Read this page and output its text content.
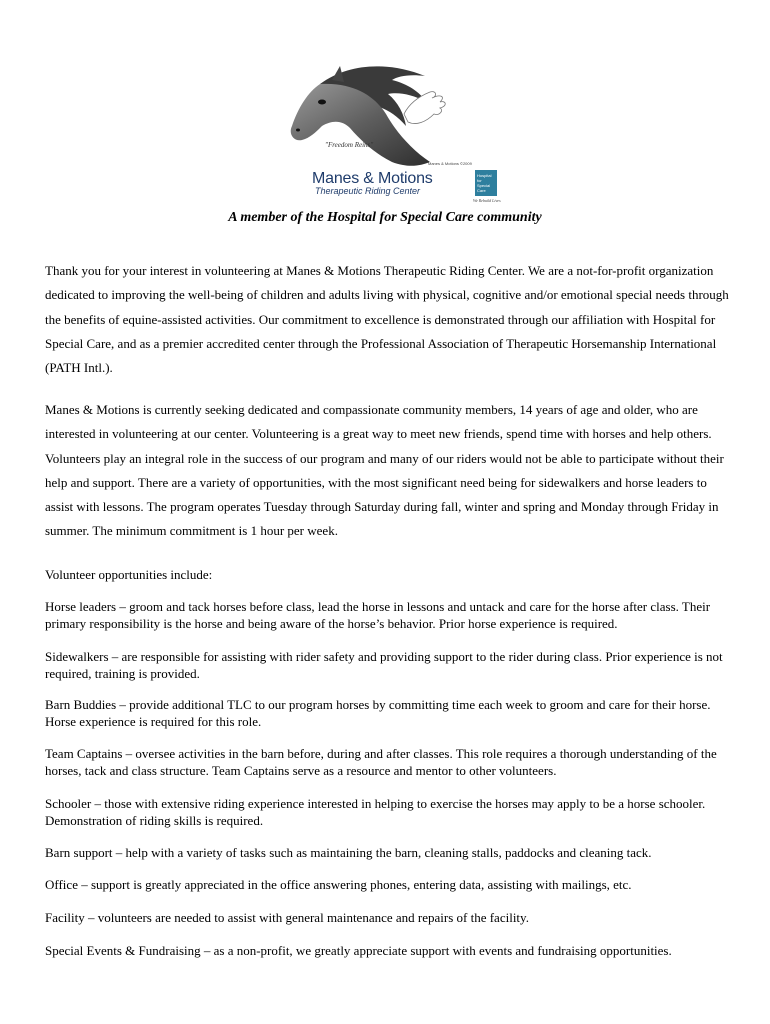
"Freedom Reins"
Manes & Motions ©2009
Manes & Motions
Therapeutic Riding Center
Hospital for Special Care
We Rebuild Lives
A member of the Hospital for Special Care community

Thank you for your interest in volunteering at Manes & Motions Therapeutic Riding Center. We are a not-for-profit organization dedicated to improving the well-being of children and adults living with physical, cognitive and/or emotional special needs through the benefits of equine-assisted activities. Our commitment to excellence is demonstrated through our affiliation with Hospital for Special Care, and as a premier accredited center through the Professional Association of Therapeutic Horsemanship International (PATH Intl.).

Manes & Motions is currently seeking dedicated and compassionate community members, 14 years of age and older, who are interested in volunteering at our center. Volunteering is a great way to meet new friends, spend time with horses and help others. Volunteers play an integral role in the success of our program and many of our riders would not be able to participate without their help and support. There are a variety of opportunities, with the most significant need being for sidewalkers and horse leaders to assist with lessons. The program operates Tuesday through Saturday during fall, winter and spring and Monday through Friday in summer. The minimum commitment is 1 hour per week.

Volunteer opportunities include:

Horse leaders – groom and tack horses before class, lead the horse in lessons and untack and care for the horse after class. Their primary responsibility is the horse and being aware of the horse’s behavior. Prior horse experience is required.

Sidewalkers – are responsible for assisting with rider safety and providing support to the rider during class. Prior experience is not required, training is provided.

Barn Buddies – provide additional TLC to our program horses by committing time each week to groom and care for their horse. Horse experience is required for this role.

Team Captains – oversee activities in the barn before, during and after classes. This role requires a thorough understanding of the horses, tack and class structure. Team Captains serve as a resource and mentor to other volunteers.

Schooler – those with extensive riding experience interested in helping to exercise the horses may apply to be a horse schooler. Demonstration of riding skills is required.

Barn support – help with a variety of tasks such as maintaining the barn, cleaning stalls, paddocks and cleaning tack.

Office – support is greatly appreciated in the office answering phones, entering data, assisting with mailings, etc.

Facility – volunteers are needed to assist with general maintenance and repairs of the facility.

Special Events & Fundraising – as a non-profit, we greatly appreciate support with events and fundraising opportunities.
